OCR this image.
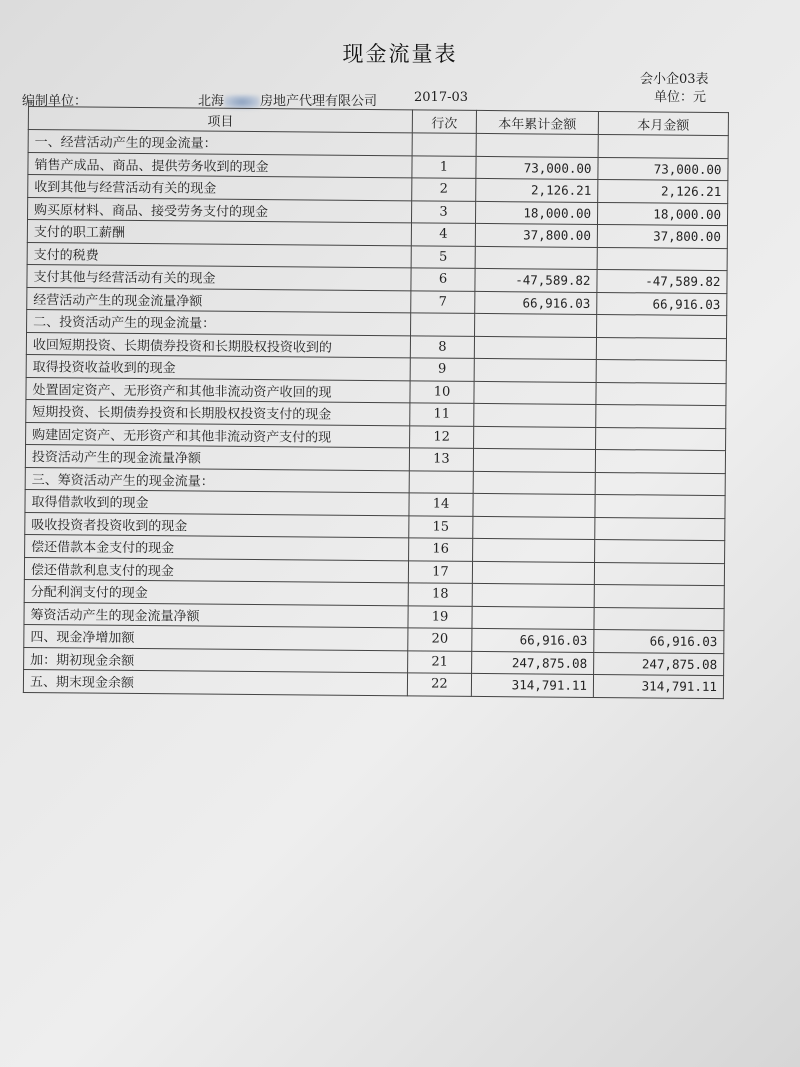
现金流量表
会小企03表
单位：元
编制单位：	北海	房地产代理有限公司	2017-03
项目	行次	本年累计金额	本月金额
一、经营活动产生的现金流量：			
销售产成品、商品、提供劳务收到的现金	1	73,000.00	73,000.00
收到其他与经营活动有关的现金	2	2,126.21	2,126.21
购买原材料、商品、接受劳务支付的现金	3	18,000.00	18,000.00
支付的职工薪酬	4	37,800.00	37,800.00
支付的税费	5		
支付其他与经营活动有关的现金	6	-47,589.82	-47,589.82
经营活动产生的现金流量净额	7	66,916.03	66,916.03
二、投资活动产生的现金流量：			
收回短期投资、长期债券投资和长期股权投资收到的	8		
取得投资收益收到的现金	9		
处置固定资产、无形资产和其他非流动资产收回的现	10		
短期投资、长期债券投资和长期股权投资支付的现金	11		
购建固定资产、无形资产和其他非流动资产支付的现	12		
投资活动产生的现金流量净额	13		
三、筹资活动产生的现金流量：			
取得借款收到的现金	14		
吸收投资者投资收到的现金	15		
偿还借款本金支付的现金	16		
偿还借款利息支付的现金	17		
分配利润支付的现金	18		
筹资活动产生的现金流量净额	19		
四、现金净增加额	20	66,916.03	66,916.03
加：期初现金余额	21	247,875.08	247,875.08
五、期末现金余额	22	314,791.11	314,791.11
